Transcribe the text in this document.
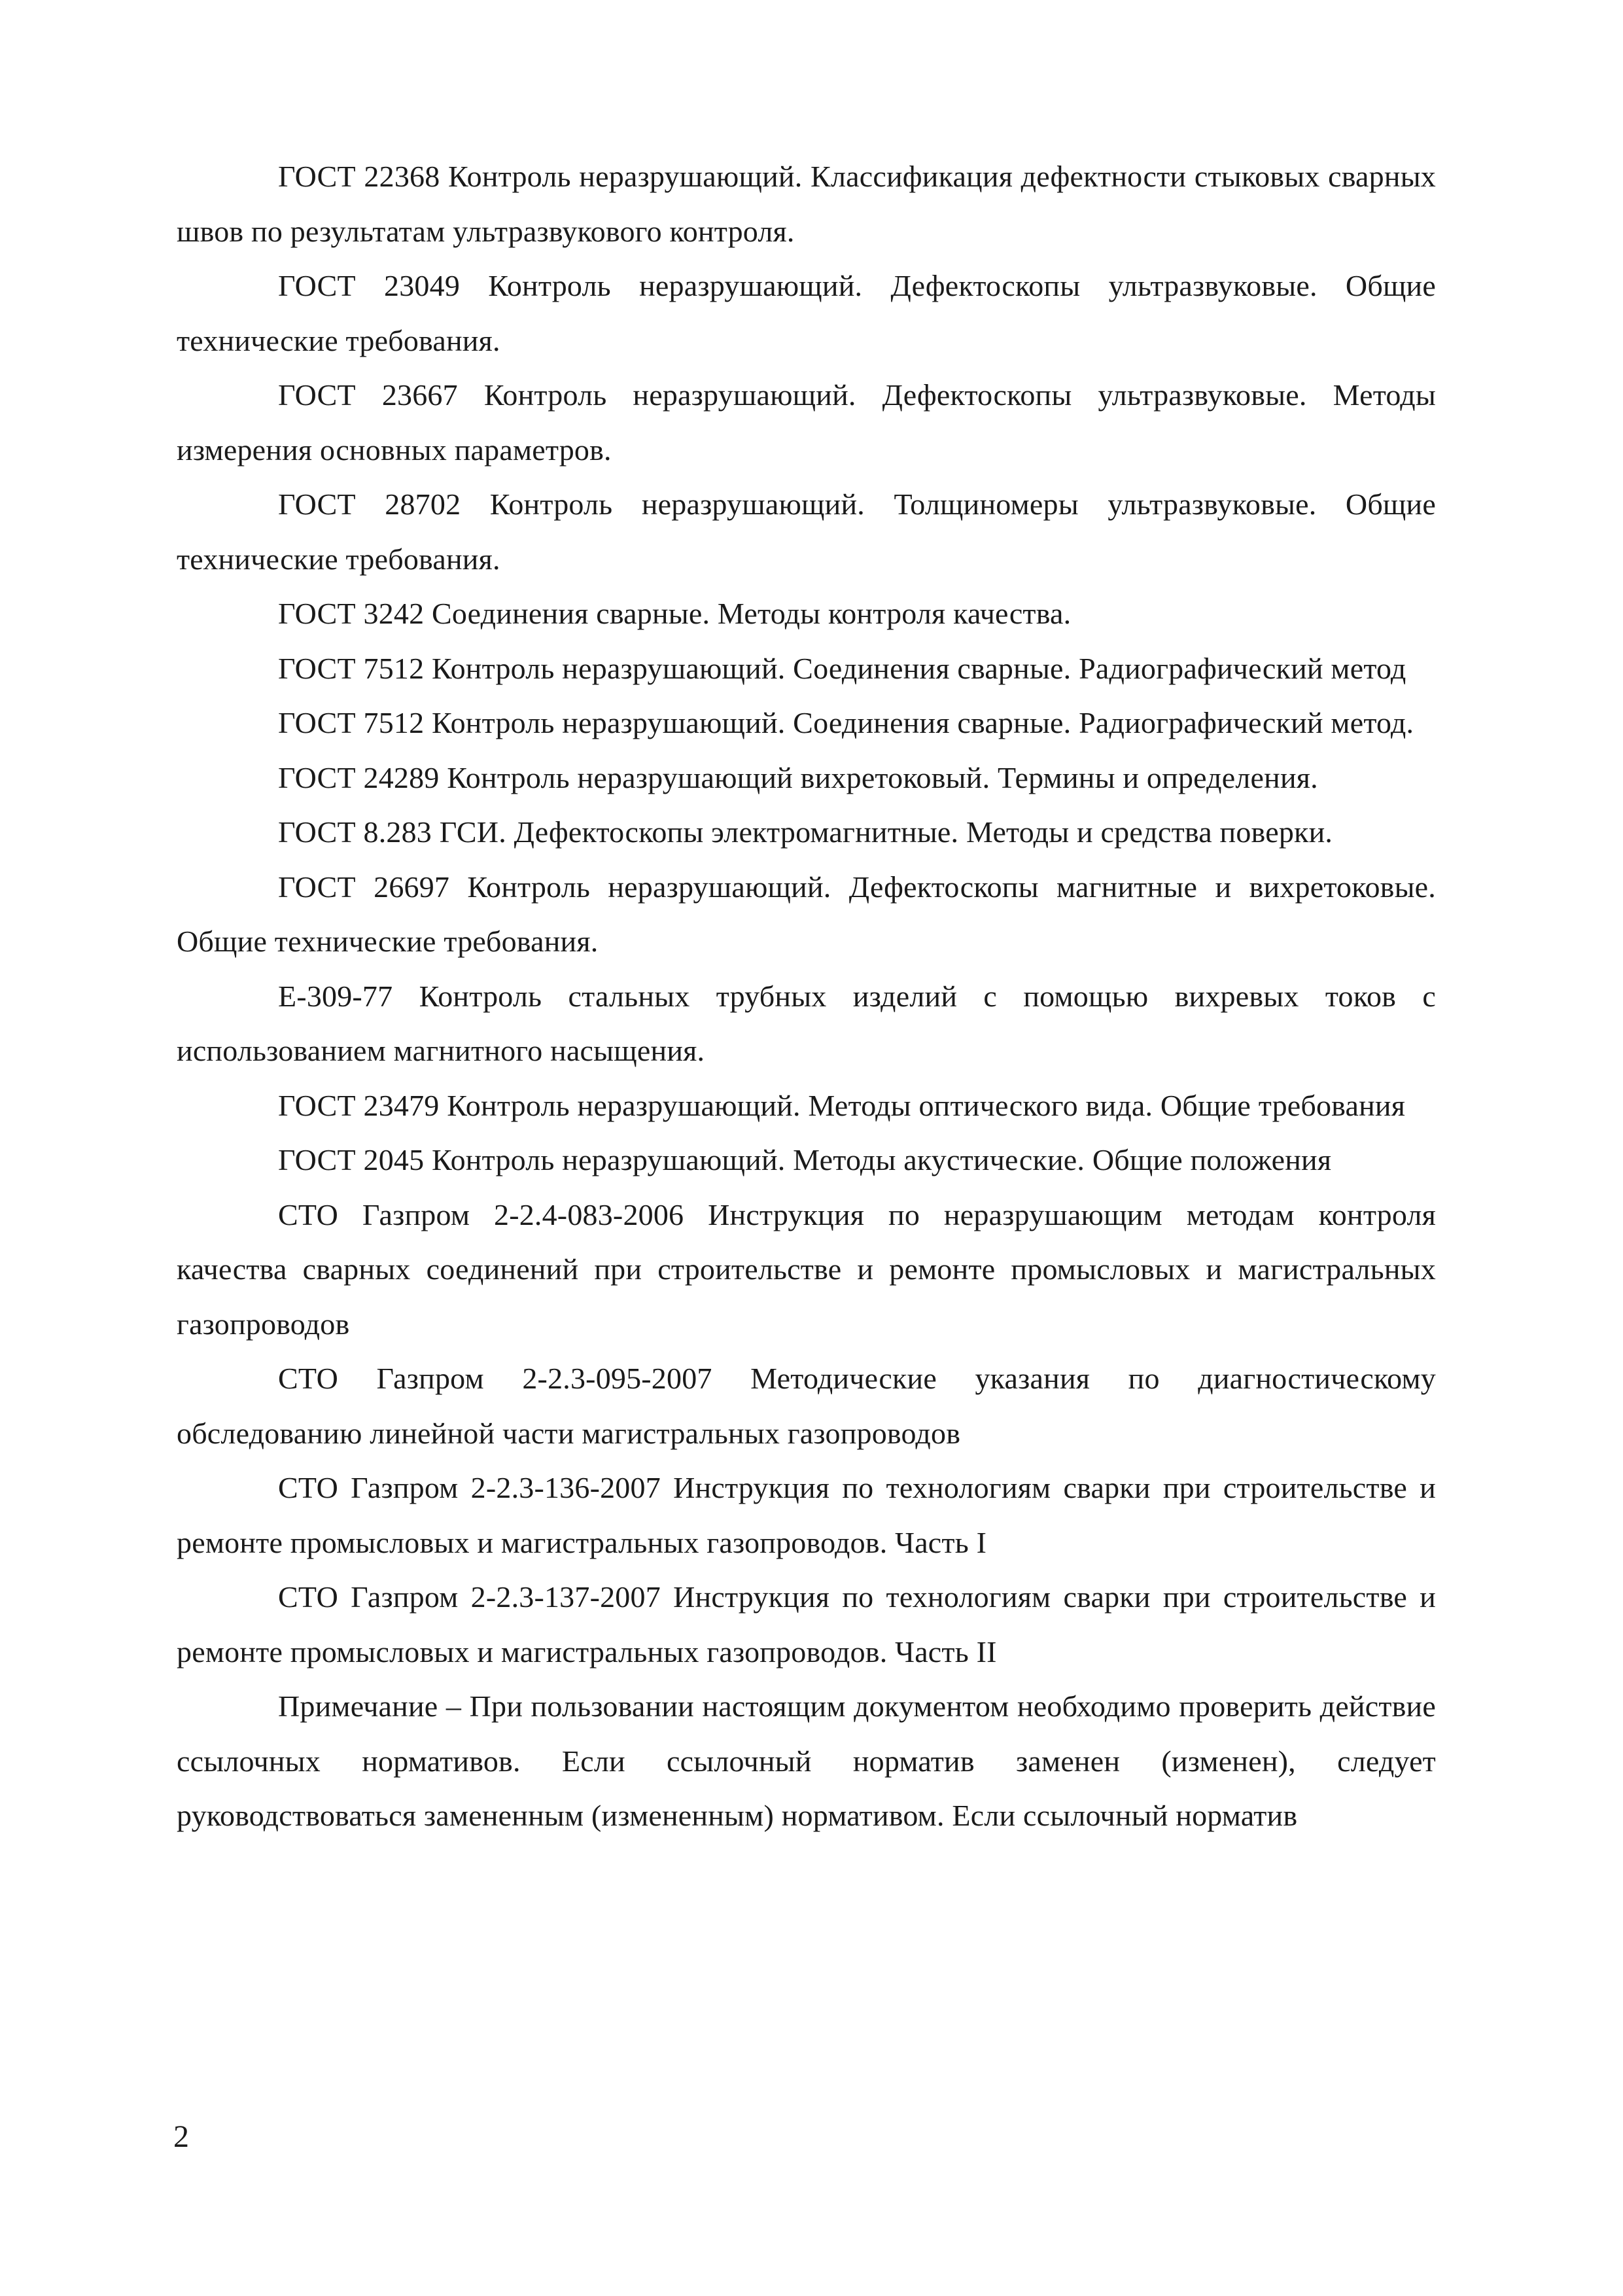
ГОСТ 22368 Контроль неразрушающий. Классификация дефектности стыковых сварных швов по результатам ультразвукового контроля.

ГОСТ 23049 Контроль неразрушающий. Дефектоскопы ультразвуковые. Общие технические требования.

ГОСТ 23667 Контроль неразрушающий. Дефектоскопы ультразвуковые. Методы измерения основных параметров.

ГОСТ 28702 Контроль неразрушающий. Толщиномеры ультразвуковые. Общие технические требования.

ГОСТ 3242 Соединения сварные. Методы контроля качества.

ГОСТ 7512 Контроль неразрушающий. Соединения сварные. Радиографический метод

ГОСТ 7512 Контроль неразрушающий. Соединения сварные. Радиографический метод.

ГОСТ 24289 Контроль неразрушающий вихретоковый. Термины и определения.

ГОСТ 8.283 ГСИ. Дефектоскопы электромагнитные. Методы и средства поверки.

ГОСТ 26697 Контроль неразрушающий. Дефектоскопы магнитные и вихретоковые. Общие технические требования.

Е-309-77 Контроль стальных трубных изделий с помощью вихревых токов с использованием магнитного насыщения.

ГОСТ 23479 Контроль неразрушающий. Методы оптического вида. Общие требования

ГОСТ 2045 Контроль неразрушающий. Методы акустические. Общие положения

СТО Газпром 2-2.4-083-2006 Инструкция по неразрушающим методам контроля качества сварных соединений при строительстве и ремонте промысловых и магистральных газопроводов

СТО Газпром 2-2.3-095-2007 Методические указания по диагностическому обследованию линейной части магистральных газопроводов

СТО Газпром 2-2.3-136-2007 Инструкция по технологиям сварки при строительстве и ремонте промысловых и магистральных газопроводов. Часть I

СТО Газпром 2-2.3-137-2007 Инструкция по технологиям сварки при строительстве и ремонте промысловых и магистральных газопроводов. Часть II

Примечание – При пользовании настоящим документом необходимо проверить действие ссылочных нормативов. Если ссылочный норматив заменен (изменен), следует руководствоваться замененным (измененным) нормативом. Если ссылочный норматив

2
